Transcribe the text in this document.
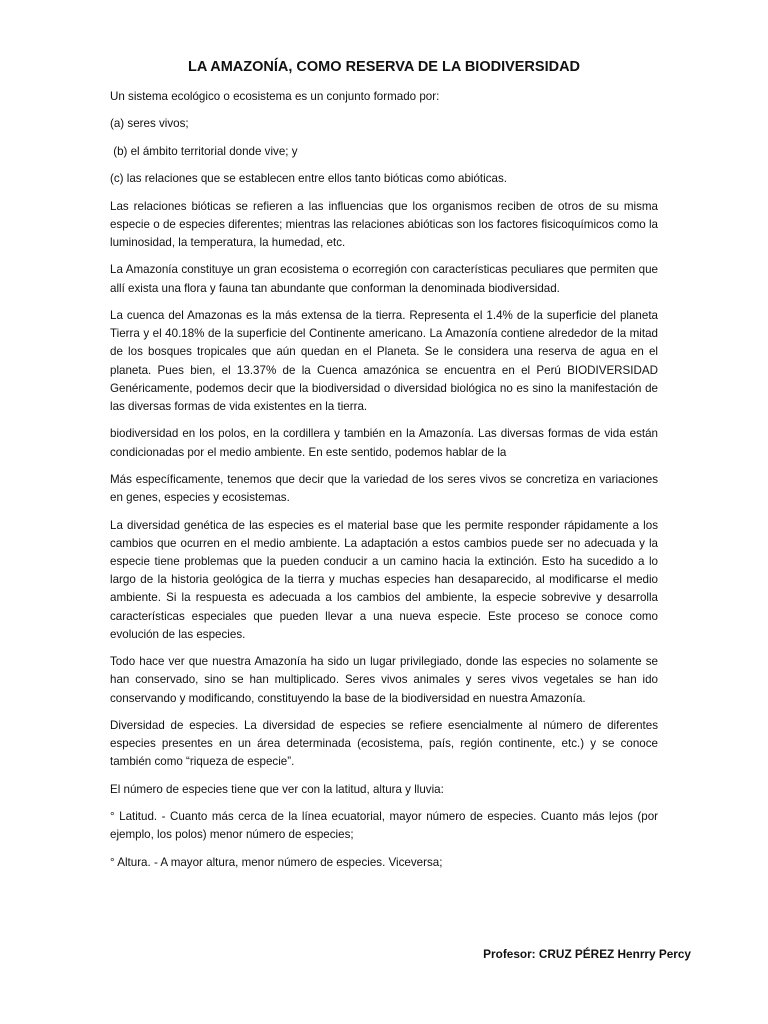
LA AMAZONÍA, COMO RESERVA DE LA BIODIVERSIDAD
Un sistema ecológico o ecosistema es un conjunto formado por:
(a) seres vivos;
(b) el ámbito territorial donde vive; y
(c) las relaciones que se establecen entre ellos tanto bióticas como abióticas.
Las relaciones bióticas se refieren a las influencias que los organismos reciben de otros de su misma especie o de especies diferentes; mientras las relaciones abióticas son los factores fisicoquímicos como la luminosidad, la temperatura, la humedad, etc.
La Amazonía constituye un gran ecosistema o ecorregión con características peculiares que permiten que allí exista una flora y fauna tan abundante que conforman la denominada biodiversidad.
La cuenca del Amazonas es la más extensa de la tierra. Representa el 1.4% de la superficie del planeta Tierra y el 40.18% de la superficie del Continente americano. La Amazonía contiene alrededor de la mitad de los bosques tropicales que aún quedan en el Planeta. Se le considera una reserva de agua en el planeta. Pues bien, el 13.37% de la Cuenca amazónica se encuentra en el Perú BIODIVERSIDAD Genéricamente, podemos decir que la biodiversidad o diversidad biológica no es sino la manifestación de las diversas formas de vida existentes en la tierra.
biodiversidad en los polos, en la cordillera y también en la Amazonía. Las diversas formas de vida están condicionadas por el medio ambiente. En este sentido, podemos hablar de la
Más específicamente, tenemos que decir que la variedad de los seres vivos se concretiza en variaciones en genes, especies y ecosistemas.
La diversidad genética de las especies es el material base que les permite responder rápidamente a los cambios que ocurren en el medio ambiente. La adaptación a estos cambios puede ser no adecuada y la especie tiene problemas que la pueden conducir a un camino hacia la extinción. Esto ha sucedido a lo largo de la historia geológica de la tierra y muchas especies han desaparecido, al modificarse el medio ambiente. Si la respuesta es adecuada a los cambios del ambiente, la especie sobrevive y desarrolla características especiales que pueden llevar a una nueva especie. Este proceso se conoce como evolución de las especies.
Todo hace ver que nuestra Amazonía ha sido un lugar privilegiado, donde las especies no solamente se han conservado, sino se han multiplicado. Seres vivos animales y seres vivos vegetales se han ido conservando y modificando, constituyendo la base de la biodiversidad en nuestra Amazonía.
Diversidad de especies. La diversidad de especies se refiere esencialmente al número de diferentes especies presentes en un área determinada (ecosistema, país, región continente, etc.) y se conoce también como “riqueza de especie”.
El número de especies tiene que ver con la latitud, altura y lluvia:
° Latitud. - Cuanto más cerca de la línea ecuatorial, mayor número de especies. Cuanto más lejos (por ejemplo, los polos) menor número de especies;
° Altura. - A mayor altura, menor número de especies. Viceversa;
Profesor: CRUZ PÉREZ Henrry Percy
